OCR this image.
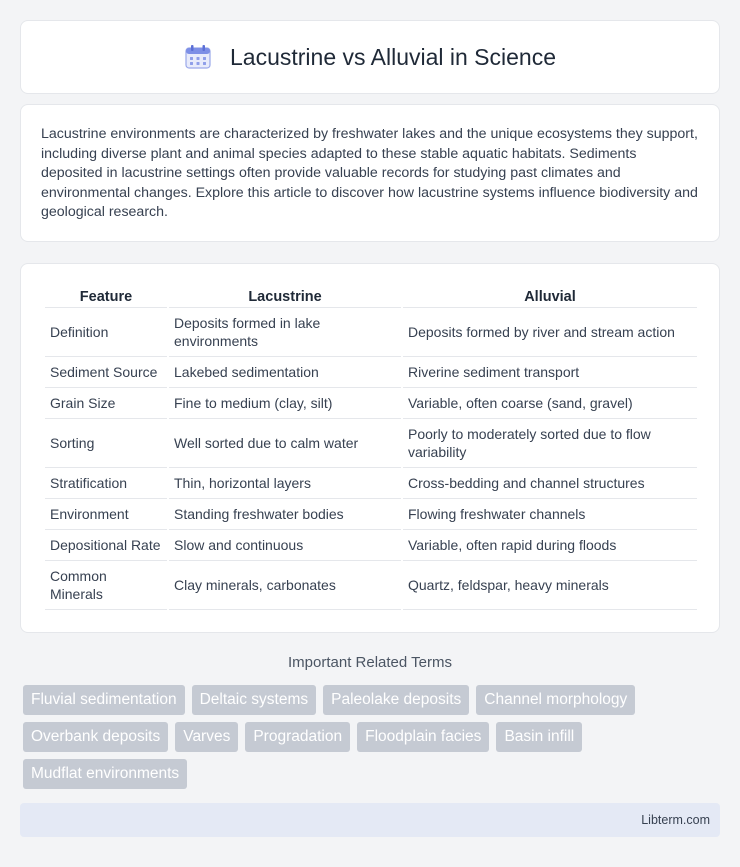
Lacustrine vs Alluvial in Science

Lacustrine environments are characterized by freshwater lakes and the unique ecosystems they support, including diverse plant and animal species adapted to these stable aquatic habitats. Sediments deposited in lacustrine settings often provide valuable records for studying past climates and environmental changes. Explore this article to discover how lacustrine systems influence biodiversity and geological research.

Feature	Lacustrine	Alluvial
Definition	Deposits formed in lake environments	Deposits formed by river and stream action
Sediment Source	Lakebed sedimentation	Riverine sediment transport
Grain Size	Fine to medium (clay, silt)	Variable, often coarse (sand, gravel)
Sorting	Well sorted due to calm water	Poorly to moderately sorted due to flow variability
Stratification	Thin, horizontal layers	Cross-bedding and channel structures
Environment	Standing freshwater bodies	Flowing freshwater channels
Depositional Rate	Slow and continuous	Variable, often rapid during floods
Common Minerals	Clay minerals, carbonates	Quartz, feldspar, heavy minerals
Important Related Terms
Fluvial sedimentation	Deltaic systems	Paleolake deposits	Channel morphology
Overbank deposits	Varves	Progradation	Floodplain facies	Basin infill
Mudflat environments
Libterm.com
